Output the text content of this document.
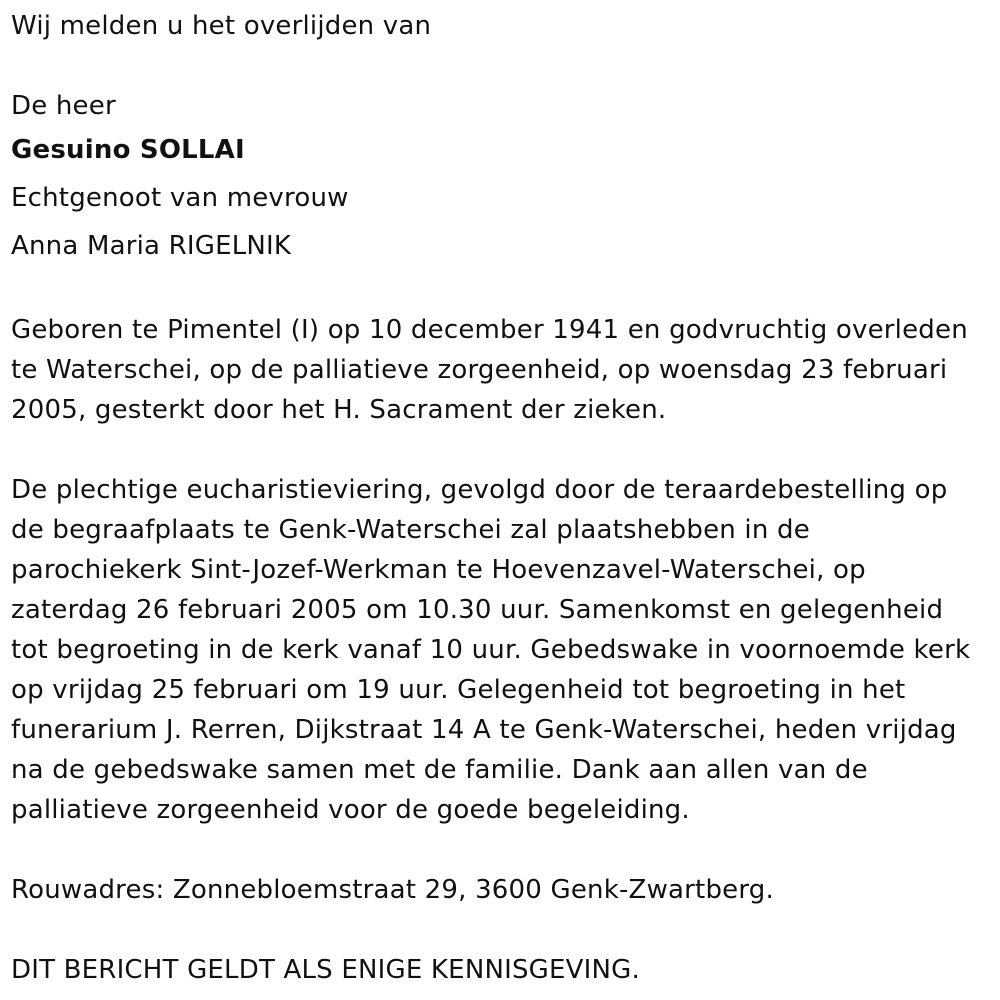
Wij melden u het overlijden van
De heer
Gesuino SOLLAI
Echtgenoot van mevrouw
Anna Maria RIGELNIK
Geboren te Pimentel (I) op 10 december 1941 en godvruchtig overleden
te Waterschei, op de palliatieve zorgeenheid, op woensdag 23 februari
2005, gesterkt door het H. Sacrament der zieken.
De plechtige eucharistieviering, gevolgd door de teraardebestelling op
de begraafplaats te Genk-Waterschei zal plaatshebben in de
parochiekerk Sint-Jozef-Werkman te Hoevenzavel-Waterschei, op
zaterdag 26 februari 2005 om 10.30 uur. Samenkomst en gelegenheid
tot begroeting in de kerk vanaf 10 uur. Gebedswake in voornoemde kerk
op vrijdag 25 februari om 19 uur. Gelegenheid tot begroeting in het
funerarium J. Rerren, Dijkstraat 14 A te Genk-Waterschei, heden vrijdag
na de gebedswake samen met de familie. Dank aan allen van de
palliatieve zorgeenheid voor de goede begeleiding.
Rouwadres: Zonnebloemstraat 29, 3600 Genk-Zwartberg.
DIT BERICHT GELDT ALS ENIGE KENNISGEVING.
